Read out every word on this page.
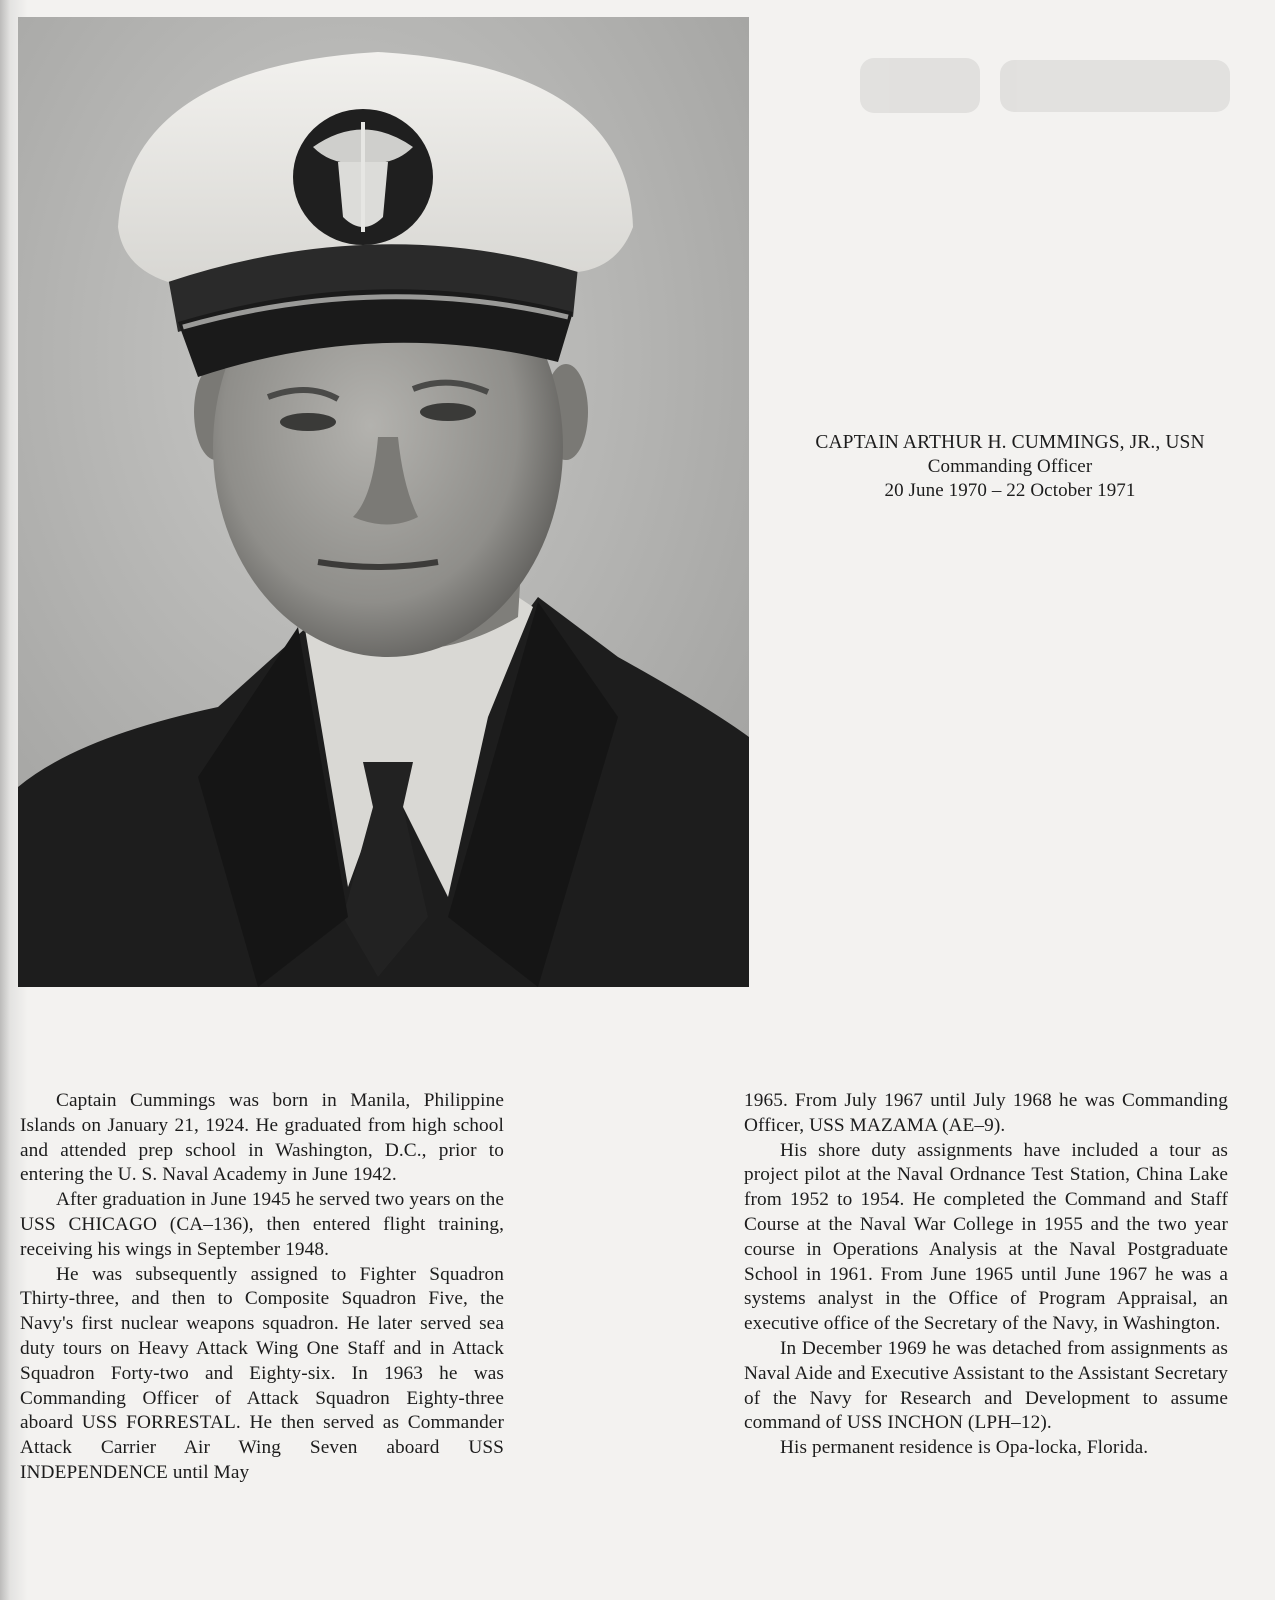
CAPTAIN ARTHUR H. CUMMINGS, JR., USN
Commanding Officer
20 June 1970 – 22 October 1971

Captain Cummings was born in Manila, Philippine Islands on January 21, 1924. He graduated from high school and attended prep school in Washington, D.C., prior to entering the U. S. Naval Academy in June 1942.

After graduation in June 1945 he served two years on the USS CHICAGO (CA–136), then entered flight training, receiving his wings in September 1948.

He was subsequently assigned to Fighter Squadron Thirty-three, and then to Composite Squadron Five, the Navy's first nuclear weapons squadron. He later served sea duty tours on Heavy Attack Wing One Staff and in Attack Squadron Forty-two and Eighty-six. In 1963 he was Commanding Officer of Attack Squadron Eighty-three aboard USS FORRESTAL. He then served as Commander Attack Carrier Air Wing Seven aboard USS INDEPENDENCE until May

1965. From July 1967 until July 1968 he was Commanding Officer, USS MAZAMA (AE–9).

His shore duty assignments have included a tour as project pilot at the Naval Ordnance Test Station, China Lake from 1952 to 1954. He completed the Command and Staff Course at the Naval War College in 1955 and the two year course in Operations Analysis at the Naval Postgraduate School in 1961. From June 1965 until June 1967 he was a systems analyst in the Office of Program Appraisal, an executive office of the Secretary of the Navy, in Washington.

In December 1969 he was detached from assignments as Naval Aide and Executive Assistant to the Assistant Secretary of the Navy for Research and Development to assume command of USS INCHON (LPH–12).

His permanent residence is Opa-locka, Florida.
